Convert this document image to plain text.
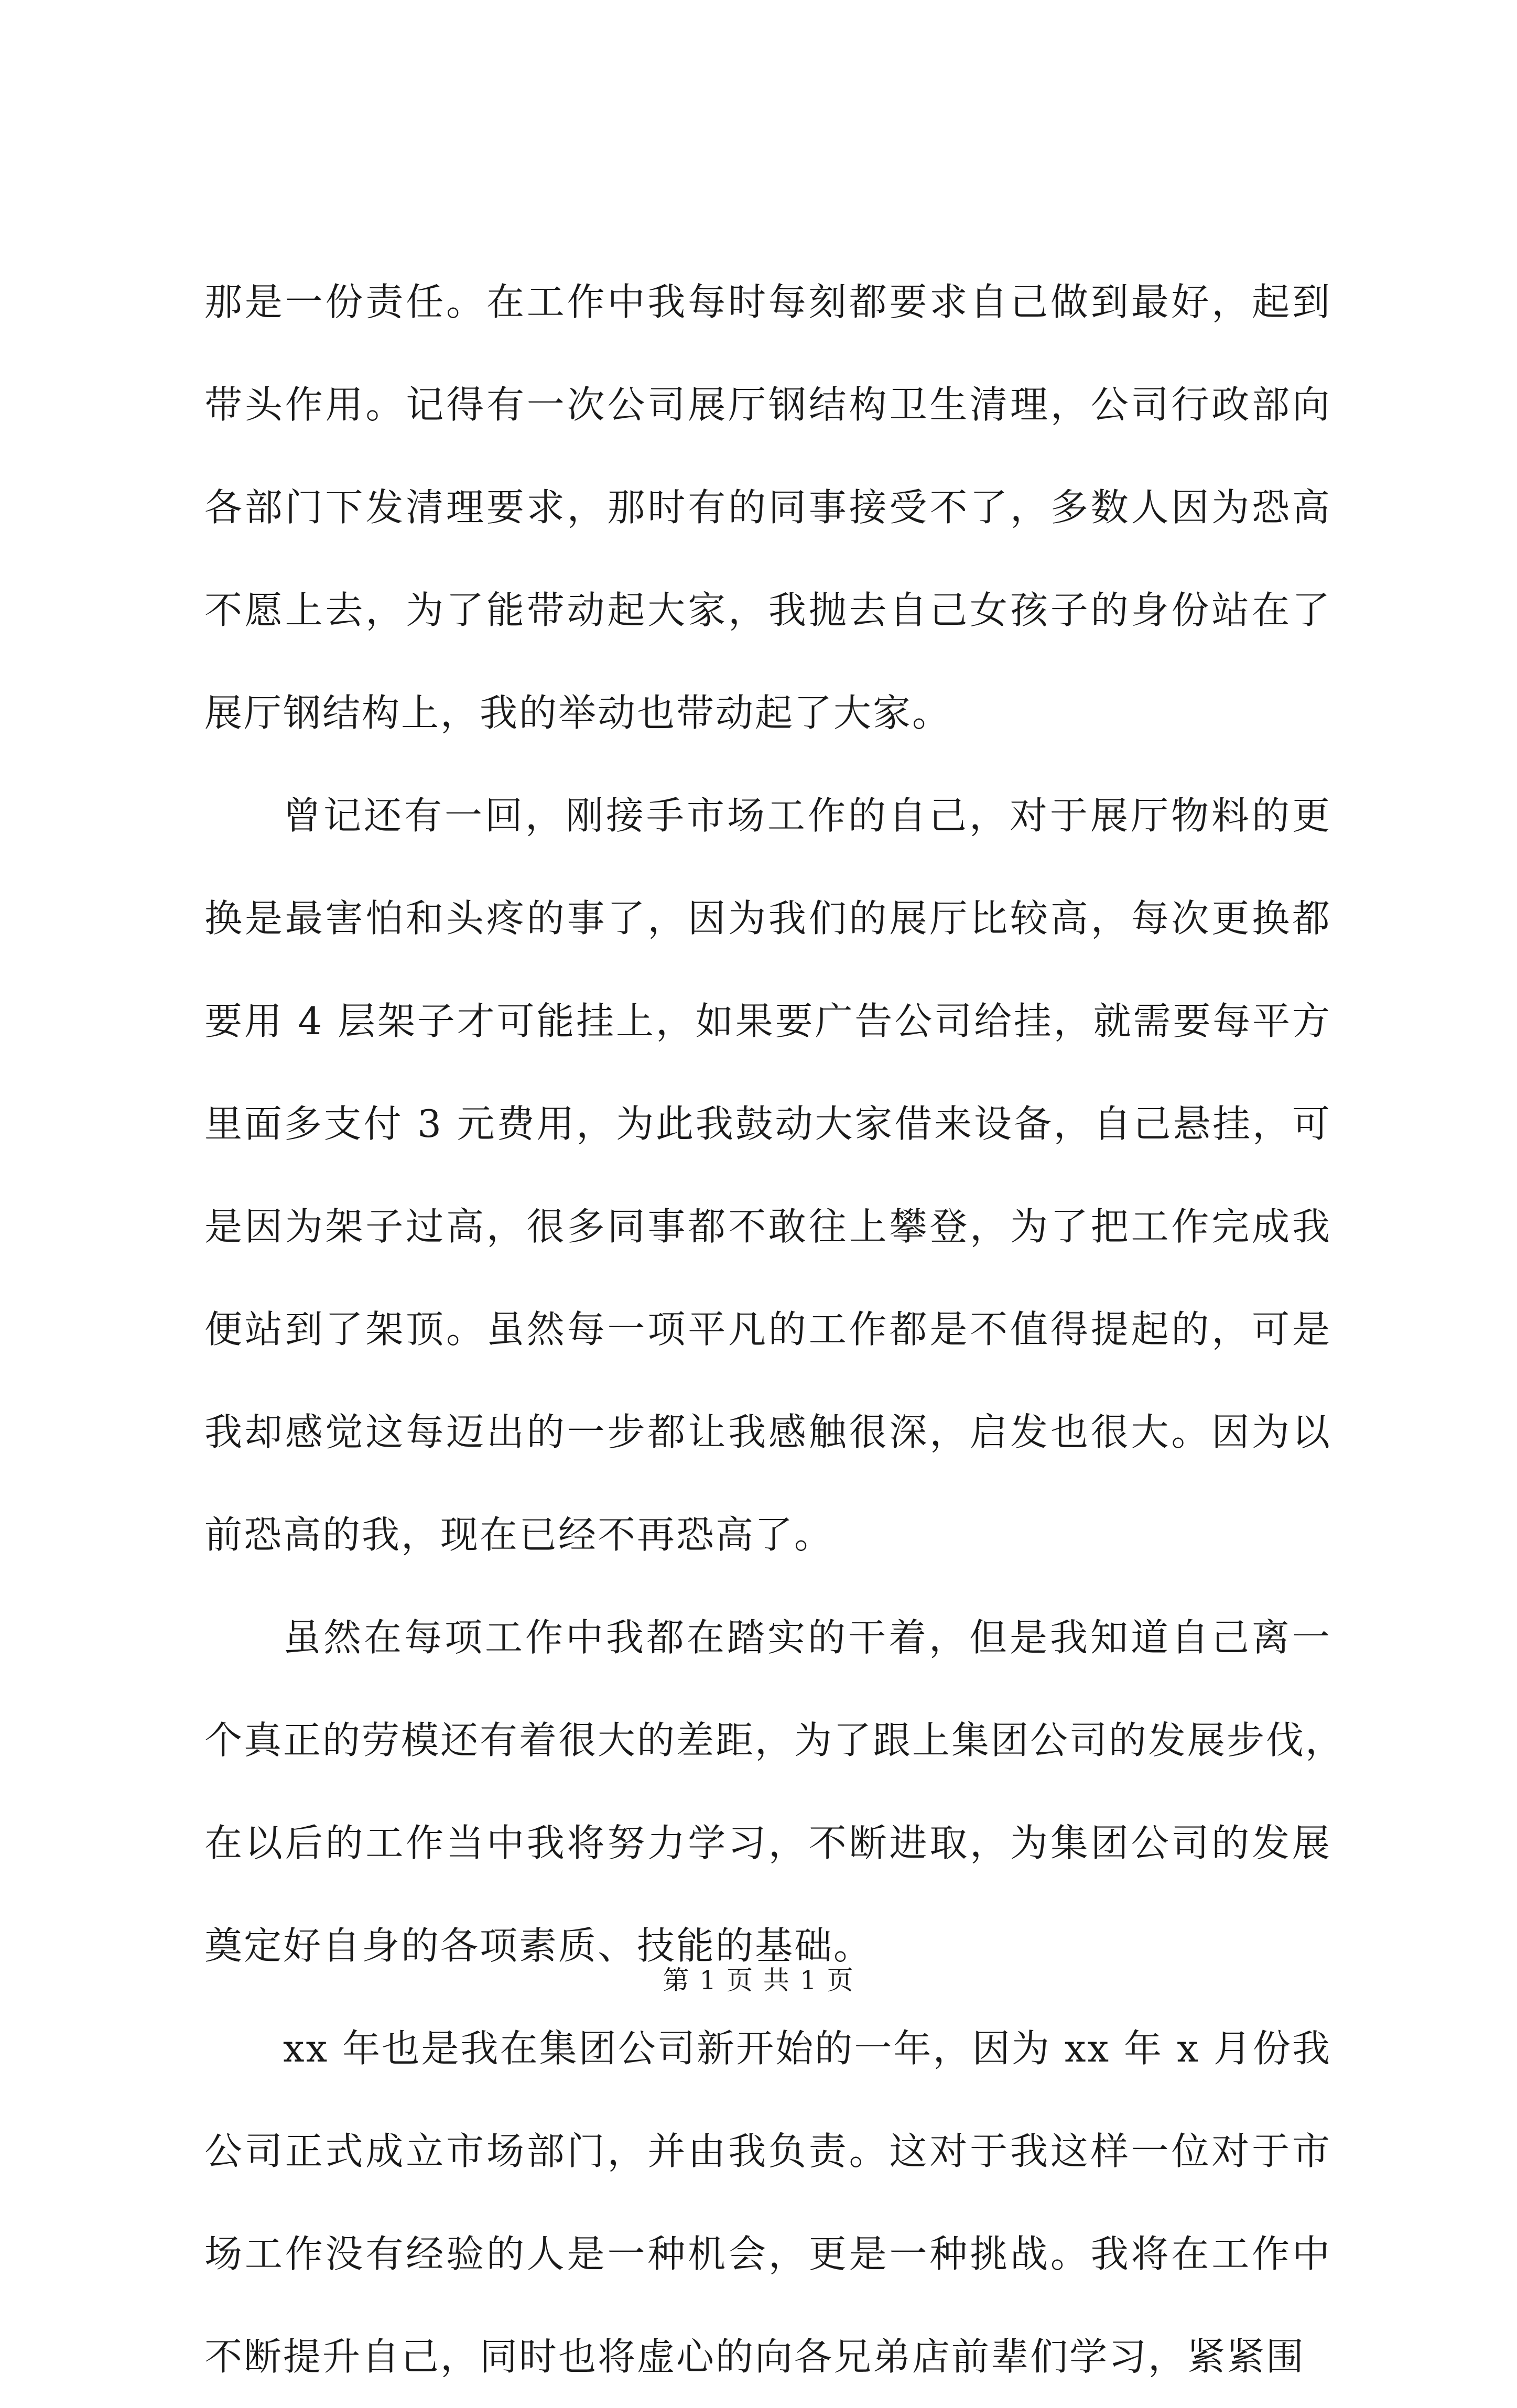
那是一份责任。在工作中我每时每刻都要求自己做到最好，起到
带头作用。记得有一次公司展厅钢结构卫生清理，公司行政部向
各部门下发清理要求，那时有的同事接受不了，多数人因为恐高
不愿上去，为了能带动起大家，我抛去自己女孩子的身份站在了
展厅钢结构上，我的举动也带动起了大家。
曾记还有一回，刚接手市场工作的自己，对于展厅物料的更
换是最害怕和头疼的事了，因为我们的展厅比较高，每次更换都
要用 4 层架子才可能挂上，如果要广告公司给挂，就需要每平方
里面多支付 3 元费用，为此我鼓动大家借来设备，自己悬挂，可
是因为架子过高，很多同事都不敢往上攀登，为了把工作完成我
便站到了架顶。虽然每一项平凡的工作都是不值得提起的，可是
我却感觉这每迈出的一步都让我感触很深，启发也很大。因为以
前恐高的我，现在已经不再恐高了。
虽然在每项工作中我都在踏实的干着，但是我知道自己离一
个真正的劳模还有着很大的差距，为了跟上集团公司的发展步伐，
在以后的工作当中我将努力学习，不断进取，为集团公司的发展
奠定好自身的各项素质、技能的基础。
xx 年也是我在集团公司新开始的一年，因为 xx 年 x 月份我
公司正式成立市场部门，并由我负责。这对于我这样一位对于市
场工作没有经验的人是一种机会，更是一种挑战。我将在工作中
不断提升自己，同时也将虚心的向各兄弟店前辈们学习，紧紧围
第 1 页 共 1 页
